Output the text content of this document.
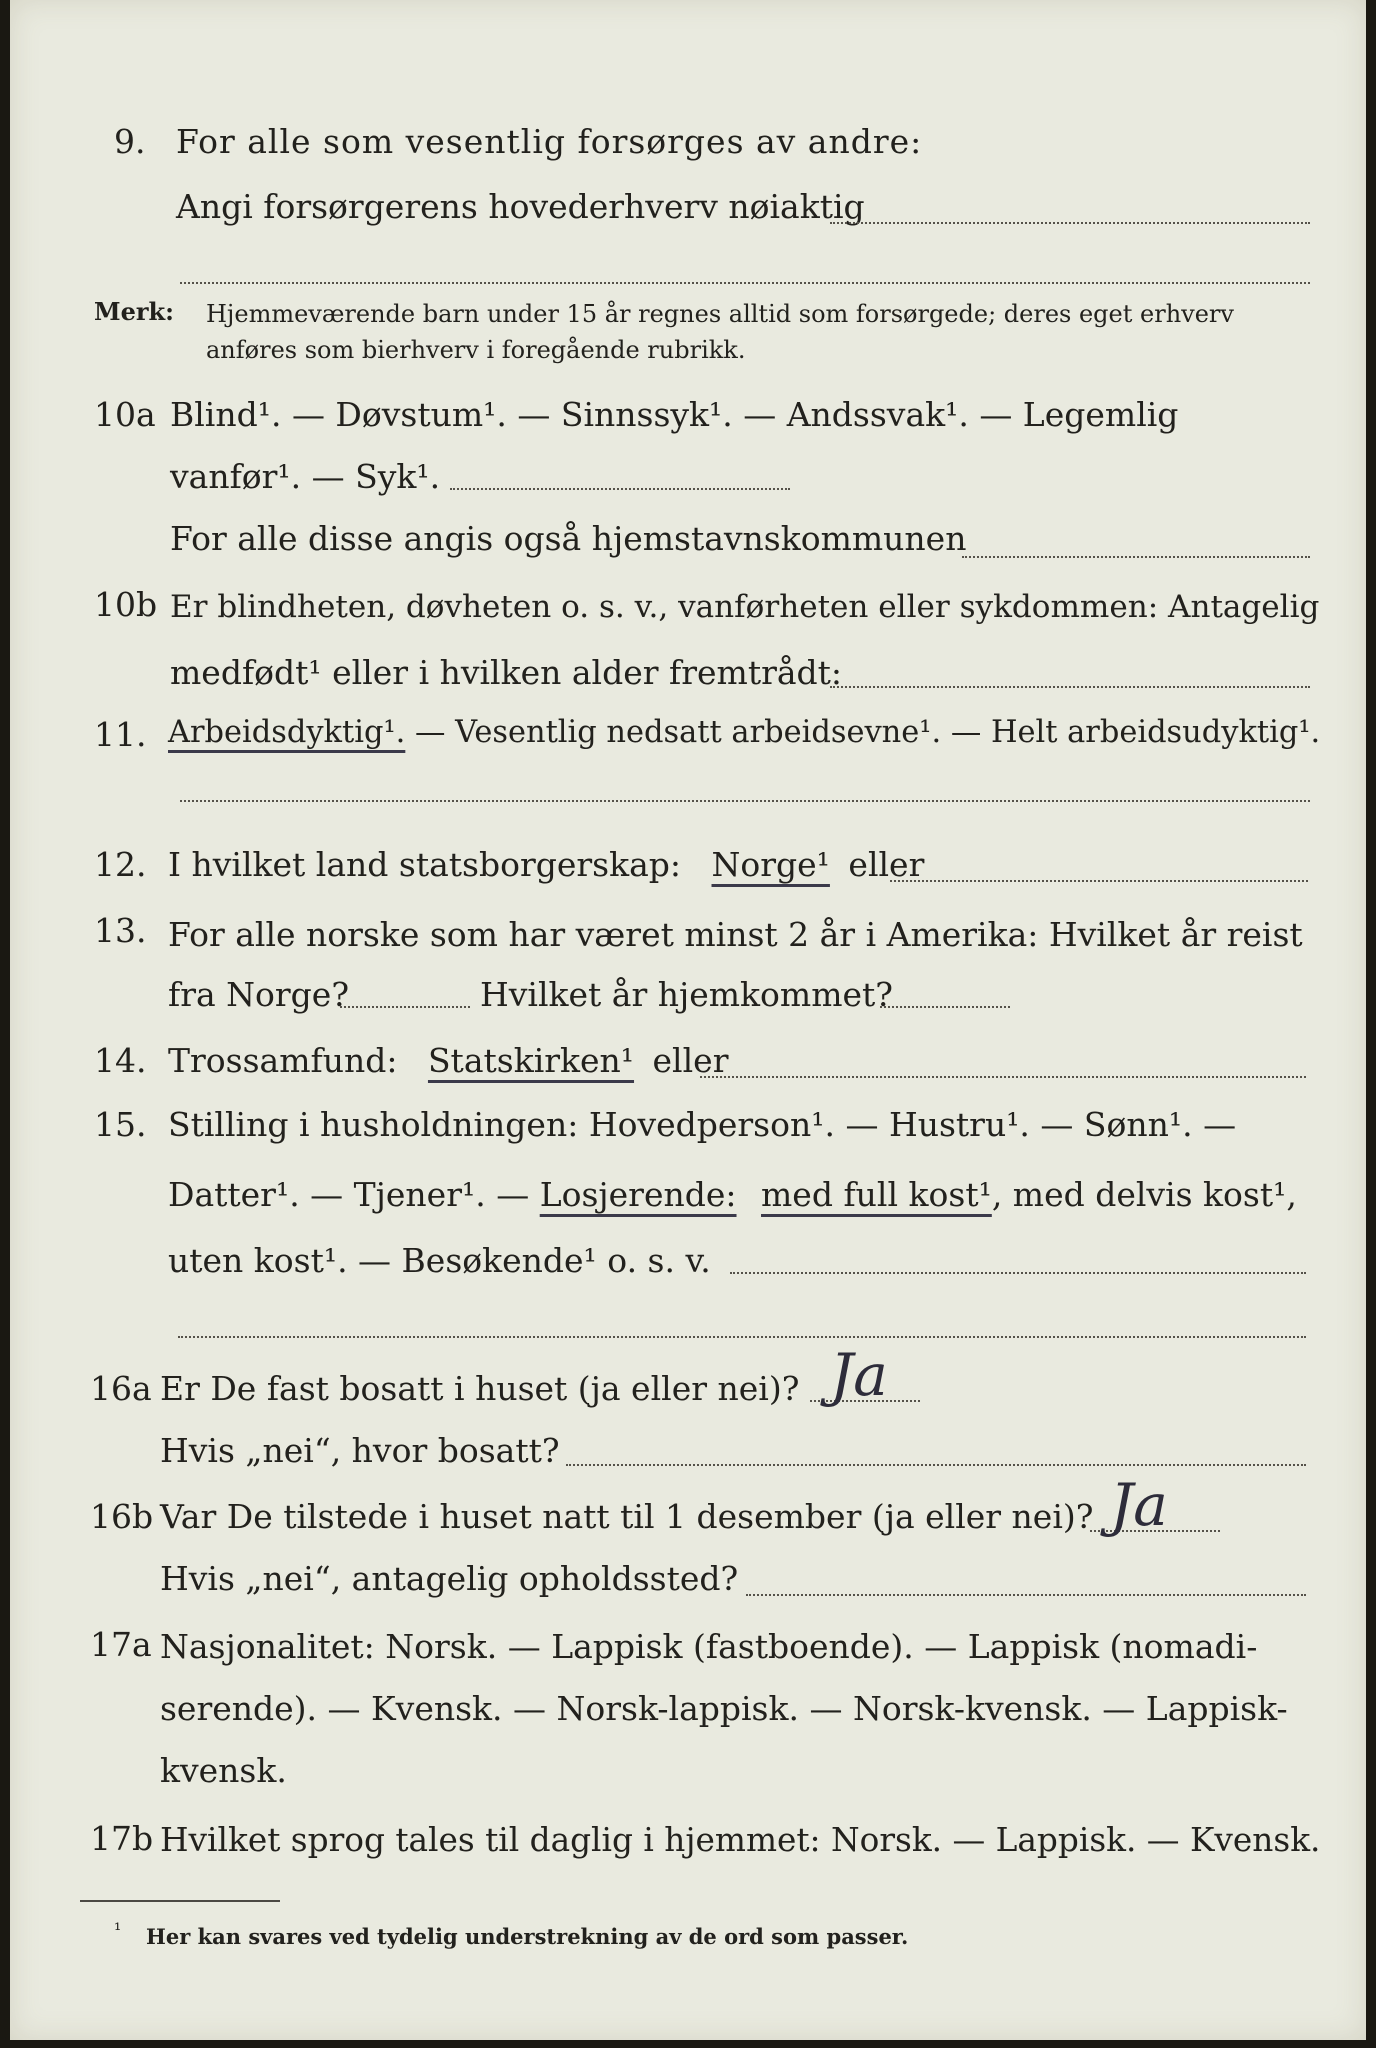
9. For alle som vesentlig forsørges av andre:
Angi forsørgerens hovederhverv nøiaktig
Merk: Hjemmeværende barn under 15 år regnes alltid som forsørgede; deres eget erhverv
anføres som bierhverv i foregående rubrikk.
10a Blind¹. — Døvstum¹. — Sinnssyk¹. — Andssvak¹. — Legemlig
vanfør¹. — Syk¹.
For alle disse angis også hjemstavnskommunen
10b Er blindheten, døvheten o. s. v., vanførheten eller sykdommen: Antagelig
medfødt¹ eller i hvilken alder fremtrådt:
11. Arbeidsdyktig¹. — Vesentlig nedsatt arbeidsevne¹. — Helt arbeidsudyktig¹.
12. I hvilket land statsborgerskap: Norge¹ eller
13. For alle norske som har været minst 2 år i Amerika: Hvilket år reist
fra Norge?	Hvilket år hjemkommet?
14. Trossamfund: Statskirken¹ eller
15. Stilling i husholdningen: Hovedperson¹. — Hustru¹. — Sønn¹. —
Datter¹. — Tjener¹. — Losjerende: med full kost¹, med delvis kost¹,
uten kost¹. — Besøkende¹ o. s. v.
16a Er De fast bosatt i huset (ja eller nei)? Ja
Hvis „nei“, hvor bosatt?
16b Var De tilstede i huset natt til 1 desember (ja eller nei)? Ja
Hvis „nei“, antagelig opholdssted?
17a Nasjonalitet: Norsk. — Lappisk (fastboende). — Lappisk (nomadi-
serende). — Kvensk. — Norsk-lappisk. — Norsk-kvensk. — Lappisk-
kvensk.
17b Hvilket sprog tales til daglig i hjemmet: Norsk. — Lappisk. — Kvensk.
¹ Her kan svares ved tydelig understrekning av de ord som passer.
